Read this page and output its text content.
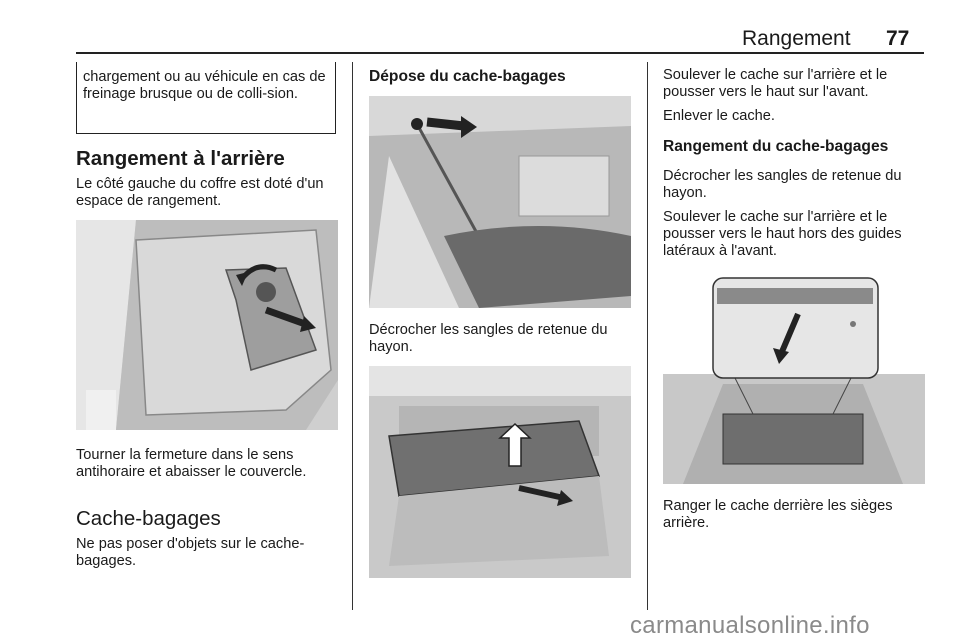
Rangement 77
chargement ou au véhicule en cas de freinage brusque ou de colli-sion.
Rangement à l'arrière
Le côté gauche du coffre est doté d'un espace de rangement.
Tourner la fermeture dans le sens antihoraire et abaisser le couvercle.
Cache-bagages
Ne pas poser d'objets sur le cache-bagages.
Dépose du cache-bagages
Décrocher les sangles de retenue du hayon.
Soulever le cache sur l'arrière et le pousser vers le haut sur l'avant.
Enlever le cache.
Rangement du cache-bagages
Décrocher les sangles de retenue du hayon.
Soulever le cache sur l'arrière et le pousser vers le haut hors des guides latéraux à l'avant.
Ranger le cache derrière les sièges arrière.
carmanualsonline.info
